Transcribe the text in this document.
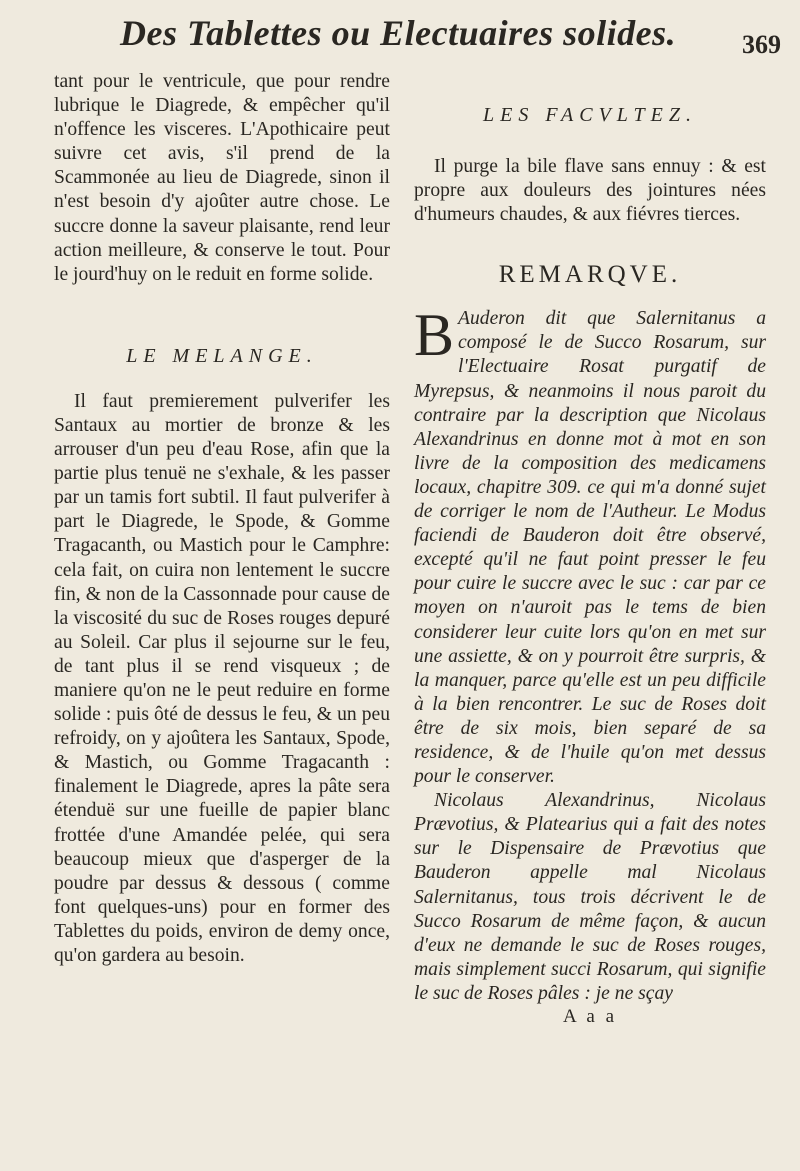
Des Tablettes ou Electuaires solides.	369

tant pour le ventricule, que pour rendre lubrique le Diagrede, & empêcher qu'il n'offence les visceres. L'Apothicaire peut suivre cet avis, s'il prend de la Scammonée au lieu de Diagrede, sinon il n'est besoin d'y ajoûter autre chose. Le succre donne la saveur plaisante, rend leur action meilleure, & conserve le tout. Pour le jourd'huy on le reduit en forme solide.

LE MELANGE.

Il faut premierement pulverifer les Santaux au mortier de bronze & les arrouser d'un peu d'eau Rose, afin que la partie plus tenuë ne s'exhale, & les passer par un tamis fort subtil. Il faut pulverifer à part le Diagrede, le Spode, & Gomme Tragacanth, ou Mastich pour le Camphre: cela fait, on cuira non lentement le succre fin, & non de la Cassonnade pour cause de la viscosité du suc de Roses rouges depuré au Soleil. Car plus il sejourne sur le feu, de tant plus il se rend visqueux ; de maniere qu'on ne le peut reduire en forme solide : puis ôté de dessus le feu, & un peu refroidy, on y ajoûtera les Santaux, Spode, & Mastich, ou Gomme Tragacanth : finalement le Diagrede, apres la pâte sera étenduë sur une fueille de papier blanc frottée d'une Amandée pelée, qui sera beaucoup mieux que d'asperger de la poudre par dessus & dessous ( comme font quelques-uns) pour en former des Tablettes du poids, environ de demy once, qu'on gardera au besoin.

LES FACVLTEZ.

Il purge la bile flave sans ennuy : & est propre aux douleurs des jointures nées d'humeurs chaudes, & aux fiévres tierces.

REMARQVE.
B Auderon dit que Salernitanus a composé le de Succo Rosarum, sur l'Electuaire Rosat purgatif de Myrepsus, & neanmoins il nous paroit du contraire par la description que Nicolaus Alexandrinus en donne mot à mot en son livre de la composition des medicamens locaux, chapitre 309. ce qui m'a donné sujet de corriger le nom de l'Autheur. Le Modus faciendi de Bauderon doit être observé, excepté qu'il ne faut point presser le feu pour cuire le succre avec le suc : car par ce moyen on n'auroit pas le tems de bien considerer leur cuite lors qu'on en met sur une assiette, & on y pourroit être surpris, & la manquer, parce qu'elle est un peu difficile à la bien rencontrer. Le suc de Roses doit être de six mois, bien separé de sa residence, & de l'huile qu'on met dessus pour le conserver.

Nicolaus Alexandrinus, Nicolaus Prævotius, & Platearius qui a fait des notes sur le Dispensaire de Prævotius que Bauderon appelle mal Nicolaus Salernitanus, tous trois décrivent le de Succo Rosarum de même façon, & aucun d'eux ne demande le suc de Roses rouges, mais simplement succi Rosarum, qui signifie le suc de Roses pâles : je ne sçay

A a a
